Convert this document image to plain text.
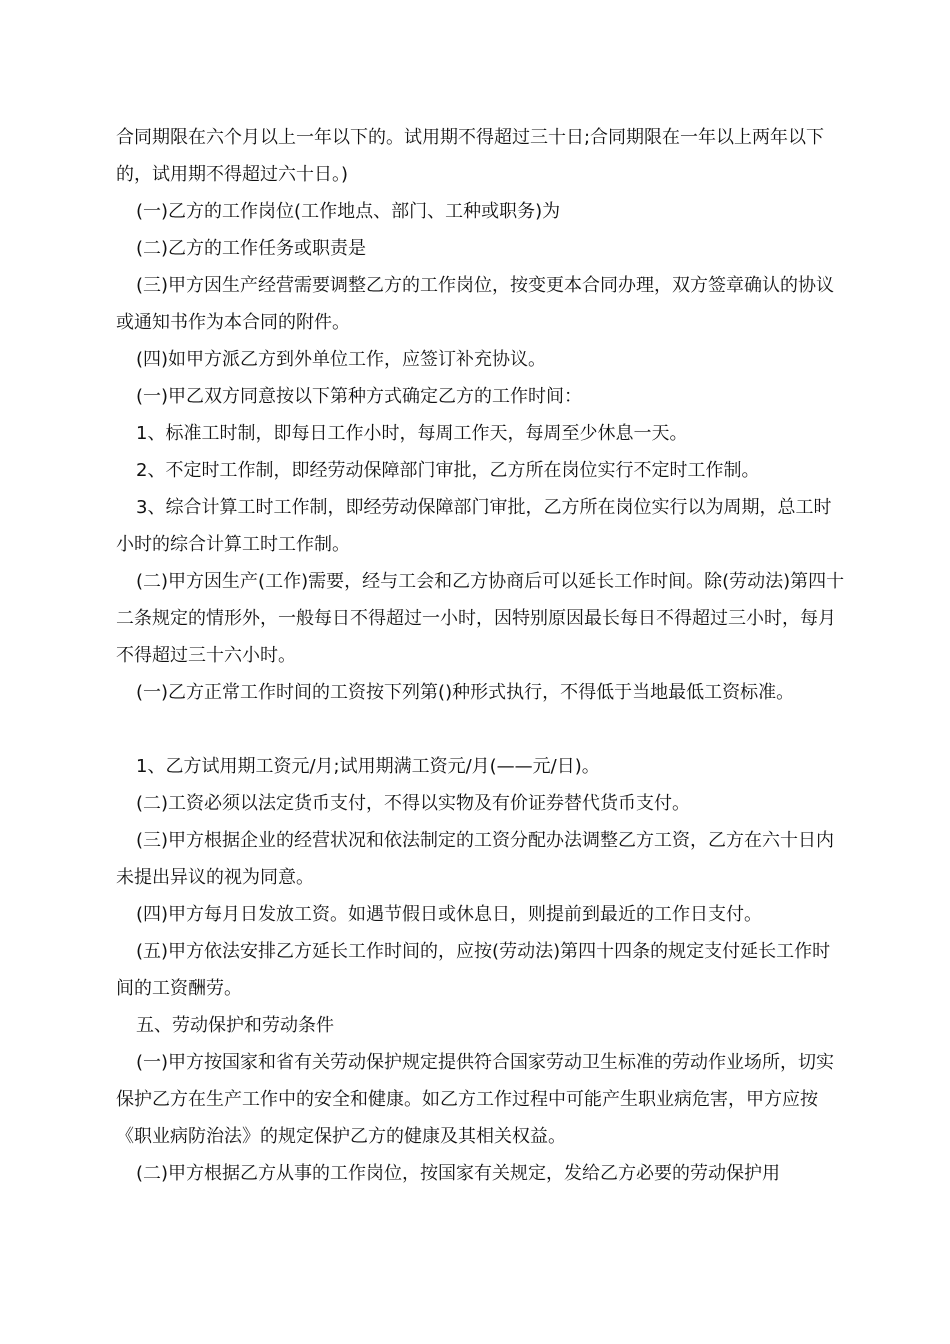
合同期限在六个月以上一年以下的。试用期不得超过三十日;合同期限在一年以上两年以下的，试用期不得超过六十日。)

(一)乙方的工作岗位(工作地点、部门、工种或职务)为

(二)乙方的工作任务或职责是

(三)甲方因生产经营需要调整乙方的工作岗位，按变更本合同办理，双方签章确认的协议或通知书作为本合同的附件。

(四)如甲方派乙方到外单位工作，应签订补充协议。

(一)甲乙双方同意按以下第种方式确定乙方的工作时间：

1、标准工时制，即每日工作小时，每周工作天，每周至少休息一天。

2、不定时工作制，即经劳动保障部门审批，乙方所在岗位实行不定时工作制。

3、综合计算工时工作制，即经劳动保障部门审批，乙方所在岗位实行以为周期，总工时小时的综合计算工时工作制。

(二)甲方因生产(工作)需要，经与工会和乙方协商后可以延长工作时间。除(劳动法)第四十二条规定的情形外，一般每日不得超过一小时，因特别原因最长每日不得超过三小时，每月不得超过三十六小时。

(一)乙方正常工作时间的工资按下列第()种形式执行，不得低于当地最低工资标准。

1、乙方试用期工资元/月;试用期满工资元/月(——元/日)。

(二)工资必须以法定货币支付，不得以实物及有价证券替代货币支付。

(三)甲方根据企业的经营状况和依法制定的工资分配办法调整乙方工资，乙方在六十日内未提出异议的视为同意。

(四)甲方每月日发放工资。如遇节假日或休息日，则提前到最近的工作日支付。

(五)甲方依法安排乙方延长工作时间的，应按(劳动法)第四十四条的规定支付延长工作时间的工资酬劳。

五、劳动保护和劳动条件

(一)甲方按国家和省有关劳动保护规定提供符合国家劳动卫生标准的劳动作业场所，切实保护乙方在生产工作中的安全和健康。如乙方工作过程中可能产生职业病危害，甲方应按《职业病防治法》的规定保护乙方的健康及其相关权益。

(二)甲方根据乙方从事的工作岗位，按国家有关规定，发给乙方必要的劳动保护用
